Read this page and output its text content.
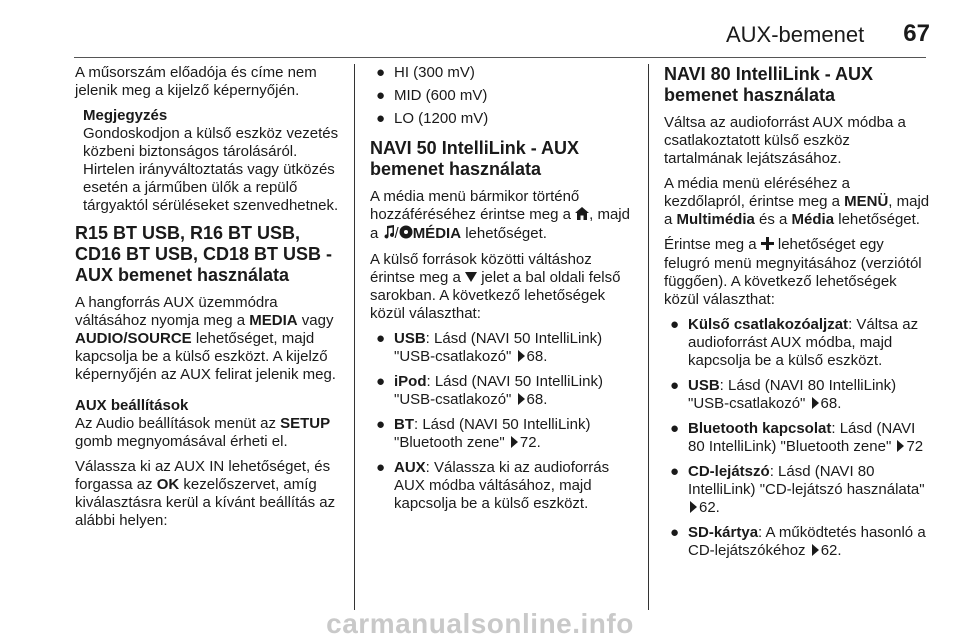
AUX-bemenet 67

A műsorszám előadója és címe nem jelenik meg a kijelző képernyőjén.

Megjegyzés
Gondoskodjon a külső eszköz vezetés közbeni biztonságos tárolásáról. Hirtelen irányváltoztatás vagy ütközés esetén a járműben ülők a repülő tárgyaktól sérüléseket szenvedhetnek.
R15 BT USB, R16 BT USB, CD16 BT USB, CD18 BT USB - AUX bemenet használata

A hangforrás AUX üzemmódra váltásához nyomja meg a MEDIA vagy AUDIO/SOURCE lehetőséget, majd kapcsolja be a külső eszközt. A kijelző képernyőjén az AUX felirat jelenik meg.

AUX beállítások

Az Audio beállítások menüt az SETUP gomb megnyomásával érheti el.

Válassza ki az AUX IN lehetőséget, és forgassa az OK kezelőszervet, amíg kiválasztásra kerül a kívánt beállítás az alábbi helyen:

● HI (300 mV)
● MID (600 mV)
● LO (1200 mV)
NAVI 50 IntelliLink - AUX bemenet használata

A média menü bármikor történő hozzáféréséhez érintse meg a , majd a / MÉDIA lehetőséget.

A külső források közötti váltáshoz érintse meg a  jelet a bal oldali felső sarokban. A következő lehetőségek közül választhat:

● USB: Lásd (NAVI 50 IntelliLink) "USB-csatlakozó" 68.
● iPod: Lásd (NAVI 50 IntelliLink) "USB-csatlakozó" 68.
● BT: Lásd (NAVI 50 IntelliLink) "Bluetooth zene" 72.
● AUX: Válassza ki az audioforrás AUX módba váltásához, majd kapcsolja be a külső eszközt.
NAVI 80 IntelliLink - AUX bemenet használata

Váltsa az audioforrást AUX módba a csatlakoztatott külső eszköz tartalmának lejátszásához.

A média menü eléréséhez a kezdőlapról, érintse meg a MENÜ, majd a Multimédia és a Média lehetőséget.

Érintse meg a  lehetőséget egy felugró menü megnyitásához (verziótól függően). A következő lehetőségek közül választhat:

● Külső csatlakozóaljzat: Váltsa az audioforrást AUX módba, majd kapcsolja be a külső eszközt.
● USB: Lásd (NAVI 80 IntelliLink) "USB-csatlakozó" 68.
● Bluetooth kapcsolat: Lásd (NAVI 80 IntelliLink) "Bluetooth zene" 72
● CD-lejátszó: Lásd (NAVI 80 IntelliLink) "CD-lejátszó használata" 62.
● SD-kártya: A működtetés hasonló a CD-lejátszókéhoz 62.
carmanualsonline.info
